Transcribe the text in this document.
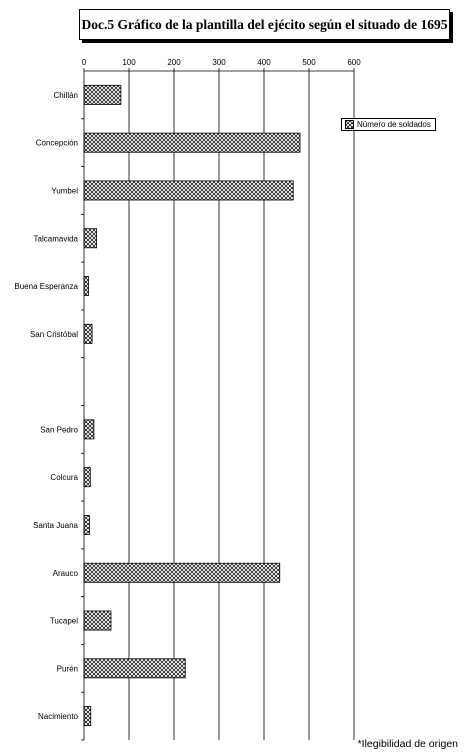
Doc.5 Gráfico de la plantilla del ejécito según el situado de 1695
0	100	200	300	400	500	600
Chillán
Concepción
Yumbel
Talcamavida
Buena Esperanza
San Cristóbal
San Pedro
Colcura
Santa Juana
Arauco
Tucapel
Purén
Nacimiento
Número de soldados
*Ilegibilidad de origen
